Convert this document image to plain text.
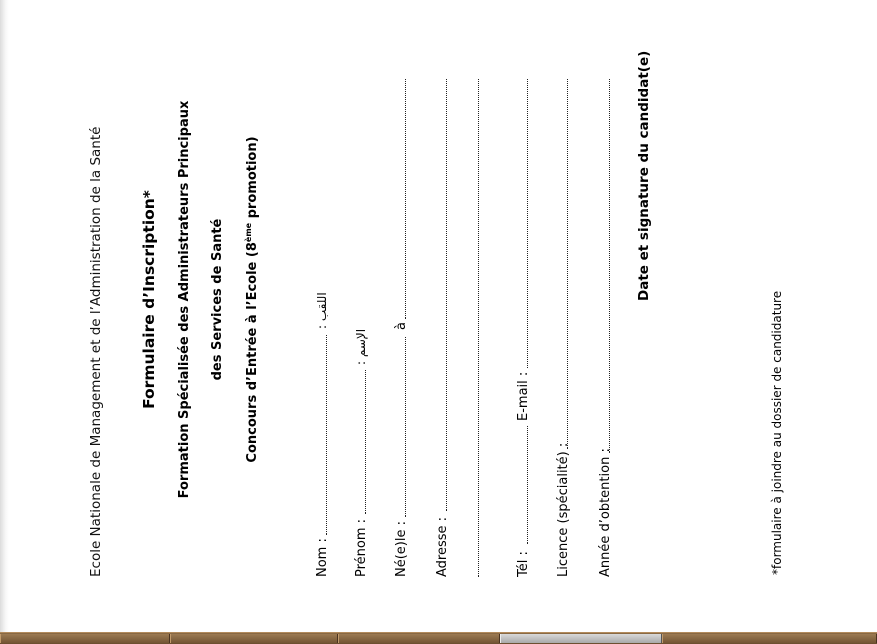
Ecole Nationale de Management et de l’Administration de la Santé Formulaire d’Inscription* Formation Spécialisée des Administrateurs Principaux des Services de Santé Concours d’Entrée à l’Ecole (8ème promotion)
Nom :
اللقب :
Prénom :
الإسم :
Né(e)le :
à
Adresse :	Tél :
E-mail :
Licence (spécialité) : Année d’obtention :
Date et signature du candidat(e)
*formulaire à joindre au dossier de candidature
